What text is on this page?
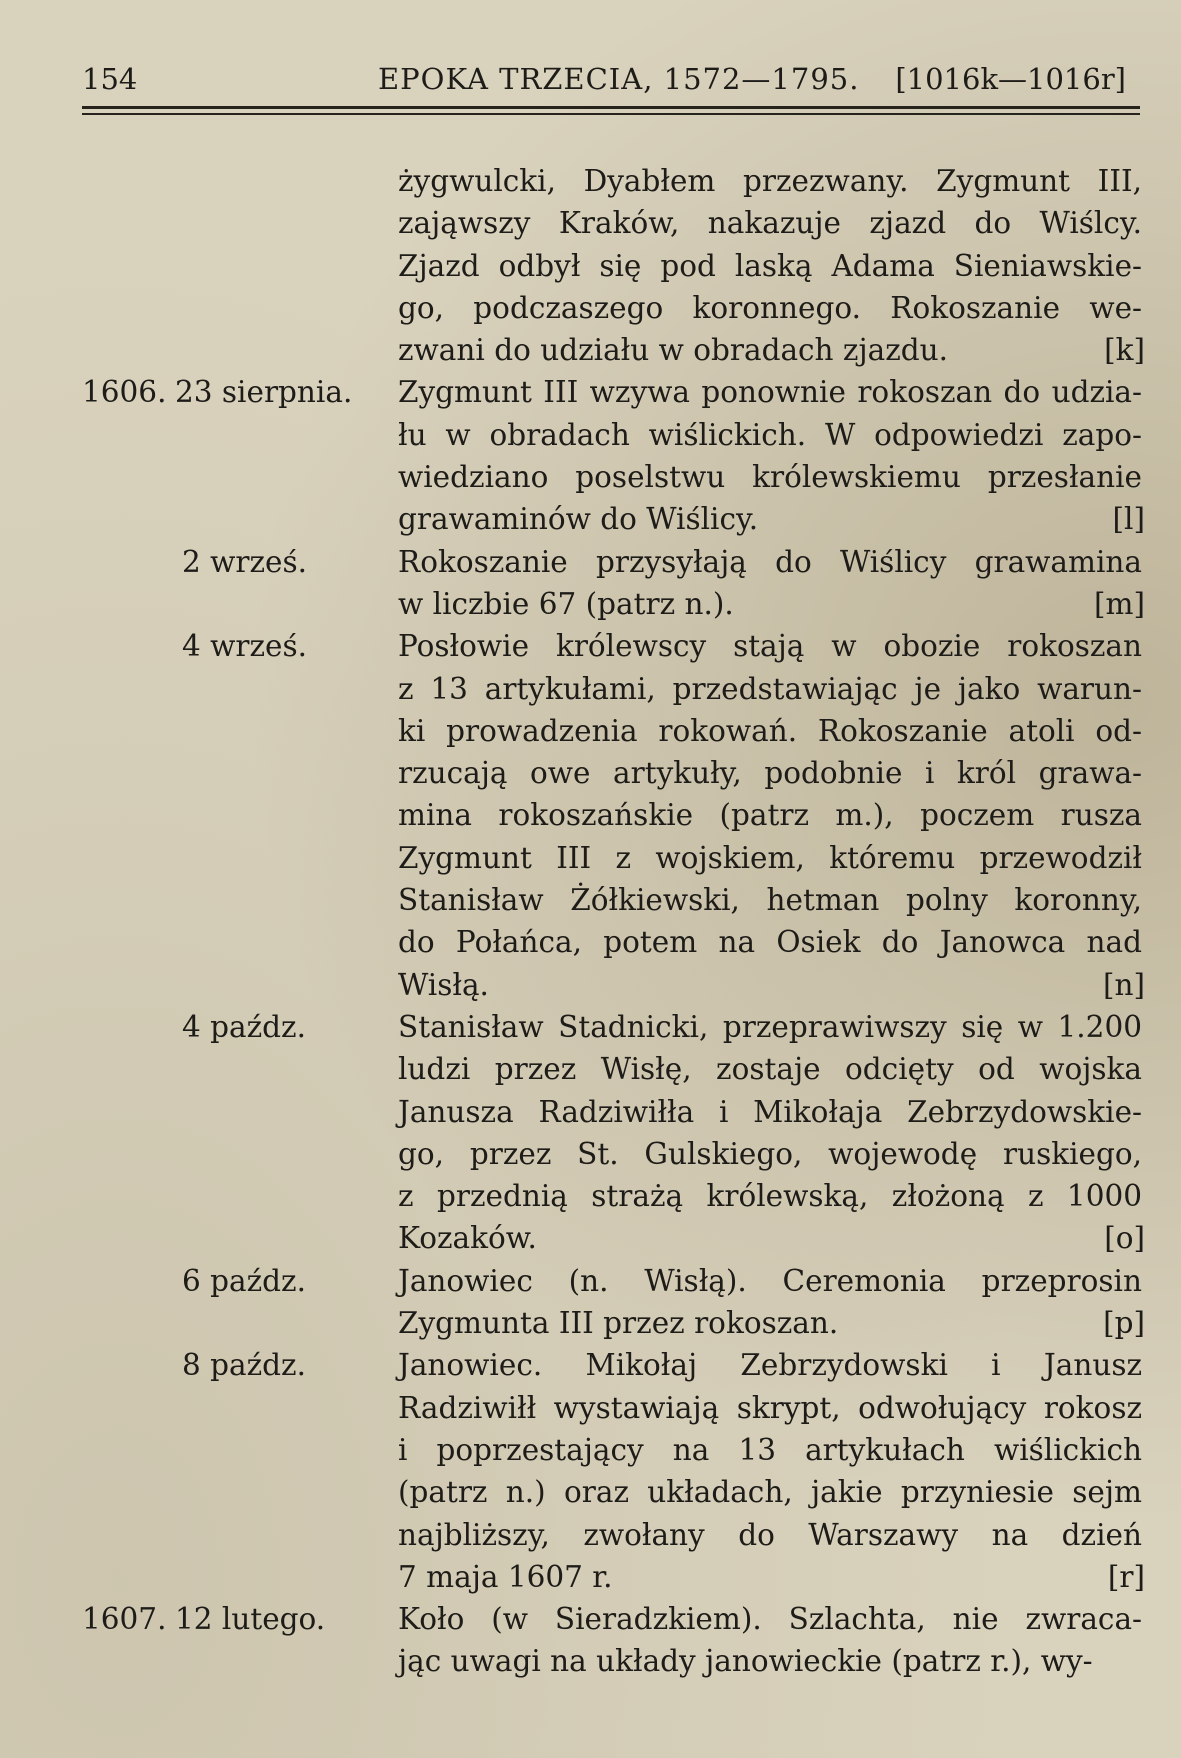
154	EPOKA TRZECIA, 1572—1795. [1016k—1016r]
żygwulcki, Dyabłem przezwany. Zygmunt III,
zająwszy Kraków, nakazuje zjazd do Wiślcy.
Zjazd odbył się pod laską Adama Sieniawskie-
go, podczaszego koronnego. Rokoszanie we-
zwani do udziału w obradach zjazdu.	[k]
1606. 23 sierpnia.	Zygmunt III wzywa ponownie rokoszan do udzia-
łu w obradach wiślickich. W odpowiedzi zapo-
wiedziano poselstwu królewskiemu przesłanie
grawaminów do Wiślicy.	[l]
2 wrześ.	Rokoszanie przysyłają do Wiślicy grawamina
w liczbie 67 (patrz n.).	[m]
4 wrześ.	Posłowie królewscy stają w obozie rokoszan
z 13 artykułami, przedstawiając je jako warun-
ki prowadzenia rokowań. Rokoszanie atoli od-
rzucają owe artykuły, podobnie i król grawa-
mina rokoszańskie (patrz m.), poczem rusza
Zygmunt III z wojskiem, któremu przewodził
Stanisław Żółkiewski, hetman polny koronny,
do Połańca, potem na Osiek do Janowca nad
Wisłą.	[n]
4 paźdz.	Stanisław Stadnicki, przeprawiwszy się w 1.200
ludzi przez Wisłę, zostaje odcięty od wojska
Janusza Radziwiłła i Mikołaja Zebrzydowskie-
go, przez St. Gulskiego, wojewodę ruskiego,
z przednią strażą królewską, złożoną z 1000
Kozaków.	[o]
6 paźdz.	Janowiec (n. Wisłą). Ceremonia przeprosin
Zygmunta III przez rokoszan.	[p]
8 paźdz.	Janowiec. Mikołaj Zebrzydowski i Janusz
Radziwiłł wystawiają skrypt, odwołujący rokosz
i poprzestający na 13 artykułach wiślickich
(patrz n.) oraz układach, jakie przyniesie sejm
najbliższy, zwołany do Warszawy na dzień
7 maja 1607 r.	[r]
1607. 12 lutego.	Koło (w Sieradzkiem). Szlachta, nie zwraca-
jąc uwagi na układy janowieckie (patrz r.), wy-
